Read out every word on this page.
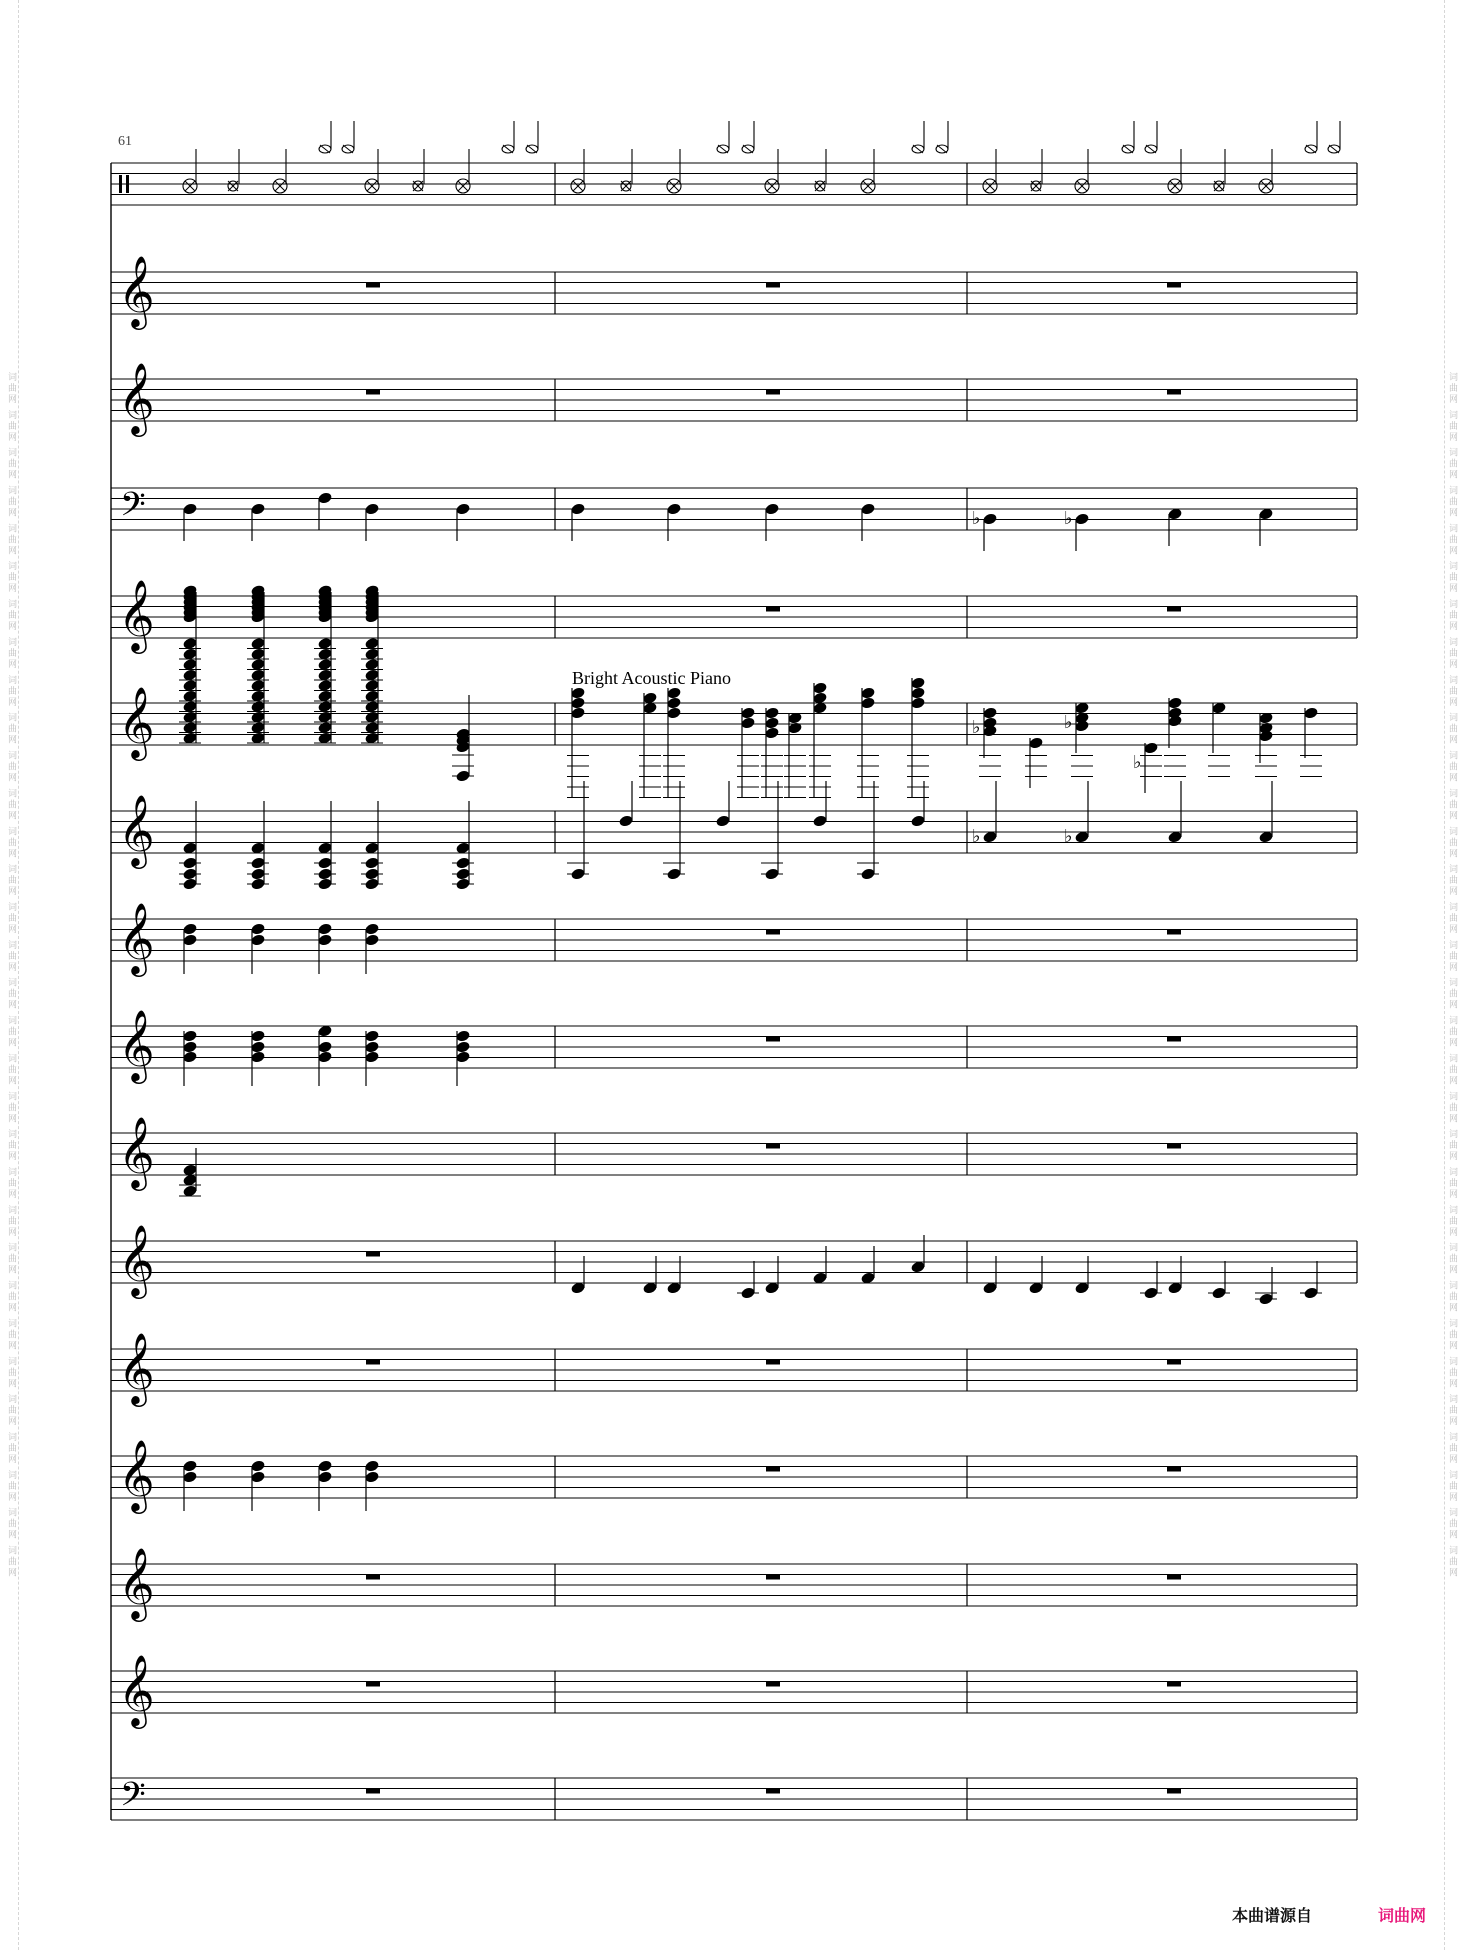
词曲网 词曲网 词曲网 词曲网 词曲网 词曲网 词曲网 词曲网 词曲网 词曲网 词曲网 词曲网 词曲网 词曲网 词曲网 词曲网 词曲网 词曲网 词曲网 词曲网 词曲网 词曲网 词曲网 词曲网 词曲网 词曲网 词曲网 词曲网 词曲网 词曲网 词曲网 词曲网	词曲网 词曲网 词曲网 词曲网 词曲网 词曲网 词曲网 词曲网 词曲网 词曲网 词曲网 词曲网 词曲网 词曲网 词曲网 词曲网 词曲网 词曲网 词曲网 词曲网 词曲网 词曲网 词曲网 词曲网 词曲网 词曲网 词曲网 词曲网 词曲网 词曲网 词曲网 词曲网
𝄞
𝄞
𝄢
𝄞
𝄞
𝄞
𝄞
𝄞
𝄞
𝄞
𝄞
𝄞
𝄞
𝄞
𝄢
♭	♭
♭	♭
♭
♭	♭
61
Bright Acoustic Piano
本曲谱源自	词曲网
